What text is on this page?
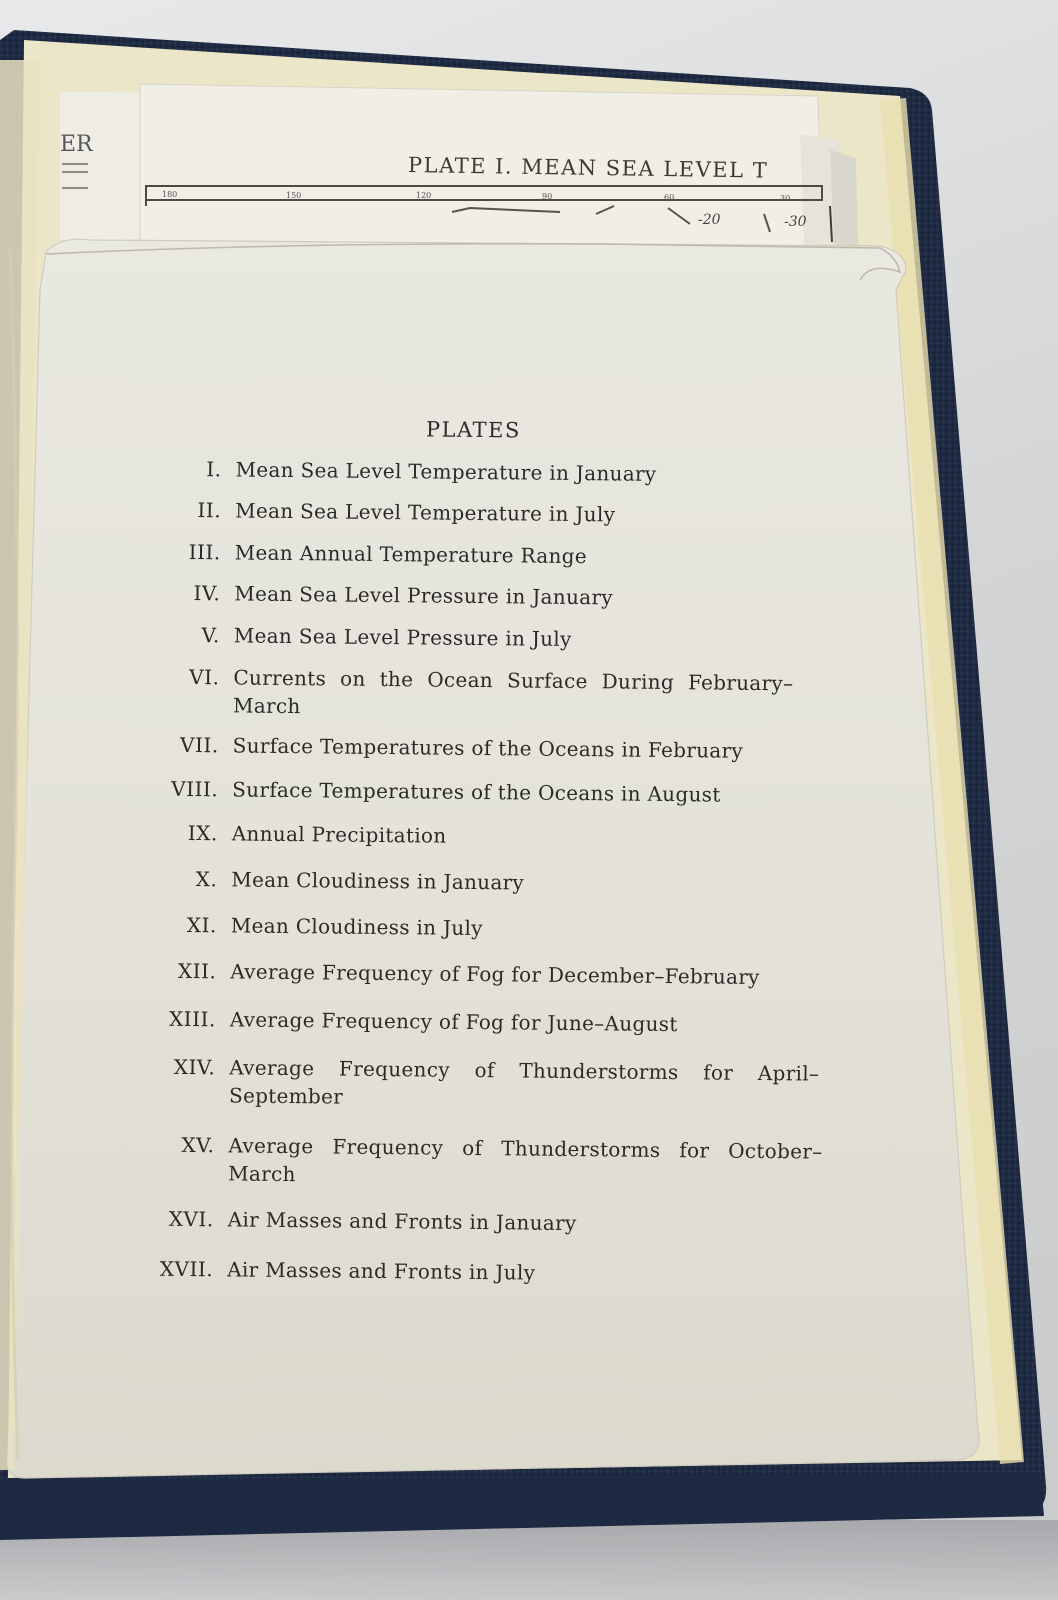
ER
PLATE I. MEAN SEA LEVEL T
180	150	120	90	60	30
-20	-30
PLATES
I. Mean Sea Level Temperature in January
II. Mean Sea Level Temperature in July
III. Mean Annual Temperature Range
IV. Mean Sea Level Pressure in January
V. Mean Sea Level Pressure in July
VI. Currents on the Ocean Surface During February–March
VII. Surface Temperatures of the Oceans in February
VIII. Surface Temperatures of the Oceans in August
IX. Annual Precipitation
X. Mean Cloudiness in January
XI. Mean Cloudiness in July
XII. Average Frequency of Fog for December–February
XIII. Average Frequency of Fog for June–August
XIV. Average Frequency of Thunderstorms for April–September
XV. Average Frequency of Thunderstorms for October–March
XVI. Air Masses and Fronts in January
XVII. Air Masses and Fronts in July
